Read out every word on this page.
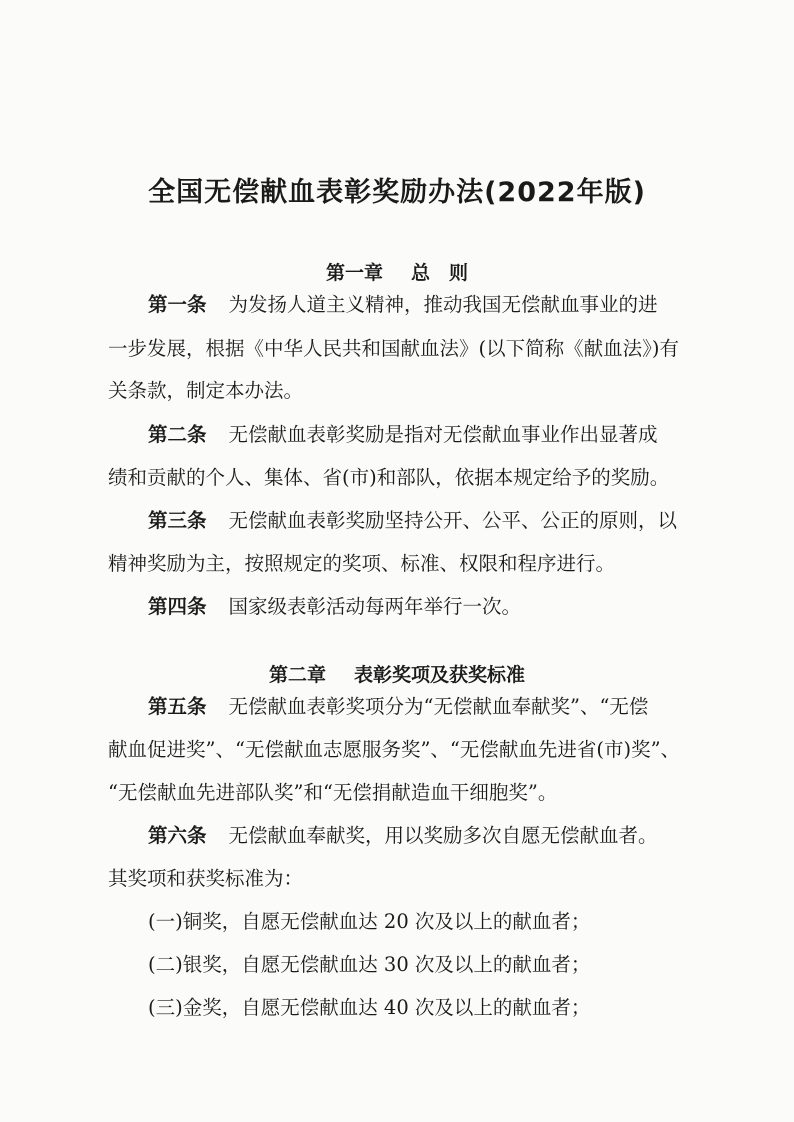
全国无偿献血表彰奖励办法(2022年版)
第一章 总　则
第一条 为发扬人道主义精神，推动我国无偿献血事业的进
一步发展，根据《中华人民共和国献血法》(以下简称《献血法》)有
关条款，制定本办法。
第二条 无偿献血表彰奖励是指对无偿献血事业作出显著成
绩和贡献的个人、集体、省(市)和部队，依据本规定给予的奖励。
第三条 无偿献血表彰奖励坚持公开、公平、公正的原则，以
精神奖励为主，按照规定的奖项、标准、权限和程序进行。
第四条 国家级表彰活动每两年举行一次。
第二章 表彰奖项及获奖标准
第五条 无偿献血表彰奖项分为“无偿献血奉献奖”、“无偿
献血促进奖”、“无偿献血志愿服务奖”、“无偿献血先进省(市)奖”、
“无偿献血先进部队奖”和“无偿捐献造血干细胞奖”。
第六条 无偿献血奉献奖，用以奖励多次自愿无偿献血者。
其奖项和获奖标准为：
(一)铜奖，自愿无偿献血达 20 次及以上的献血者；
(二)银奖，自愿无偿献血达 30 次及以上的献血者；
(三)金奖，自愿无偿献血达 40 次及以上的献血者；
